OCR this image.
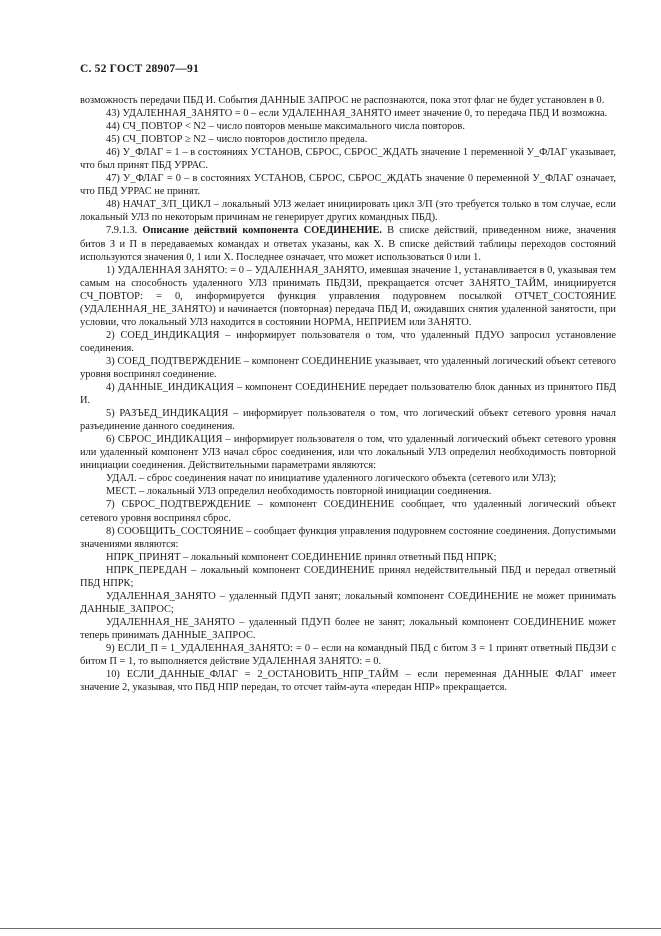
С. 52 ГОСТ 28907—91

возможность передачи ПБД И. События ДАННЫЕ ЗАПРОС не распознаются, пока этот флаг не будет установлен в 0.

43) УДАЛЕННАЯ_ЗАНЯТО = 0 – если УДАЛЕННАЯ_ЗАНЯТО имеет значение 0, то передача ПБД И возможна.

44) СЧ_ПОВТОР < N2 – число повторов меньше максимального числа повторов.

45) СЧ_ПОВТОР ≥ N2 – число повторов достигло предела.

46) У_ФЛАГ = 1 – в состояниях УСТАНОВ, СБРОС, СБРОС_ЖДАТЬ значение 1 переменной У_ФЛАГ указывает, что был принят ПБД УРРАС.

47) У_ФЛАГ = 0 – в состояниях УСТАНОВ, СБРОС, СБРОС_ЖДАТЬ значение 0 переменной У_ФЛАГ означает, что ПБД УРРАС не принят.

48) НАЧАТ_З/П_ЦИКЛ – локальный УЛЗ желает инициировать цикл З/П (это требуется только в том случае, если локальный УЛЗ по некоторым причинам не генерирует других командных ПБД).

7.9.1.3. Описание действий компонента СОЕДИНЕНИЕ. В списке действий, приведенном ниже, значения битов З и П в передаваемых командах и ответах указаны, как Х. В списке действий таблицы переходов состояний используются значения 0, 1 или Х. Последнее означает, что может использоваться 0 или 1.

1) УДАЛЕННАЯ ЗАНЯТО: = 0 – УДАЛЕННАЯ_ЗАНЯТО, имевшая значение 1, устанавливается в 0, указывая тем самым на способность удаленного УЛЗ принимать ПБДЗИ, прекращается отсчет ЗАНЯТО_ТАЙМ, инициируется СЧ_ПОВТОР: = 0, информируется функция управления подуровнем посылкой ОТЧЕТ_СОСТОЯНИЕ (УДАЛЕННАЯ_НЕ_ЗАНЯТО) и начинается (повторная) передача ПБД И, ожидавших снятия удаленной занятости, при условии, что локальный УЛЗ находится в состоянии НОРМА, НЕПРИЕМ или ЗАНЯТО.

2) СОЕД_ИНДИКАЦИЯ – информирует пользователя о том, что удаленный ПДУО запросил установление соединения.

3) СОЕД_ПОДТВЕРЖДЕНИЕ – компонент СОЕДИНЕНИЕ указывает, что удаленный логический объект сетевого уровня воспринял соединение.

4) ДАННЫЕ_ИНДИКАЦИЯ – компонент СОЕДИНЕНИЕ передает пользователю блок данных из принятого ПБД И.

5) РАЗЪЕД_ИНДИКАЦИЯ – информирует пользователя о том, что логический объект сетевого уровня начал разъединение данного соединения.

6) СБРОС_ИНДИКАЦИЯ – информирует пользователя о том, что удаленный логический объект сетевого уровня или удаленный компонент УЛЗ начал сброс соединения, или что локальный УЛЗ определил необходимость повторной инициации соединения. Действительными параметрами являются:

УДАЛ. – сброс соединения начат по инициативе удаленного логического объекта (сетевого или УЛЗ);

МЕСТ. – локальный УЛЗ определил необходимость повторной инициации соединения.

7) СБРОС_ПОДТВЕРЖДЕНИЕ – компонент СОЕДИНЕНИЕ сообщает, что удаленный логический объект сетевого уровня воспринял сброс.

8) СООБЩИТЬ_СОСТОЯНИЕ – сообщает функция управления подуровнем состояние соединения. Допустимыми значениями являются:

НПРК_ПРИНЯТ – локальный компонент СОЕДИНЕНИЕ принял ответный ПБД НПРК;

НПРК_ПЕРЕДАН – локальный компонент СОЕДИНЕНИЕ принял недействительный ПБД и передал ответный ПБД НПРК;

УДАЛЕННАЯ_ЗАНЯТО – удаленный ПДУП занят; локальный компонент СОЕДИНЕНИЕ не может принимать ДАННЫЕ_ЗАПРОС;

УДАЛЕННАЯ_НЕ_ЗАНЯТО – удаленный ПДУП более не занят; локальный компонент СОЕДИНЕНИЕ может теперь принимать ДАННЫЕ_ЗАПРОС.

9) ЕСЛИ_П = 1_УДАЛЕННАЯ_ЗАНЯТО: = 0 – если на командный ПБД с битом З = 1 принят ответный ПБДЗИ с битом П = 1, то выполняется действие УДАЛЕННАЯ ЗАНЯТО: = 0.

10) ЕСЛИ_ДАННЫЕ_ФЛАГ = 2_ОСТАНОВИТЬ_НПР_ТАЙМ – если переменная ДАННЫЕ ФЛАГ имеет значение 2, указывая, что ПБД НПР передан, то отсчет тайм-аута «передан НПР» прекращается.
